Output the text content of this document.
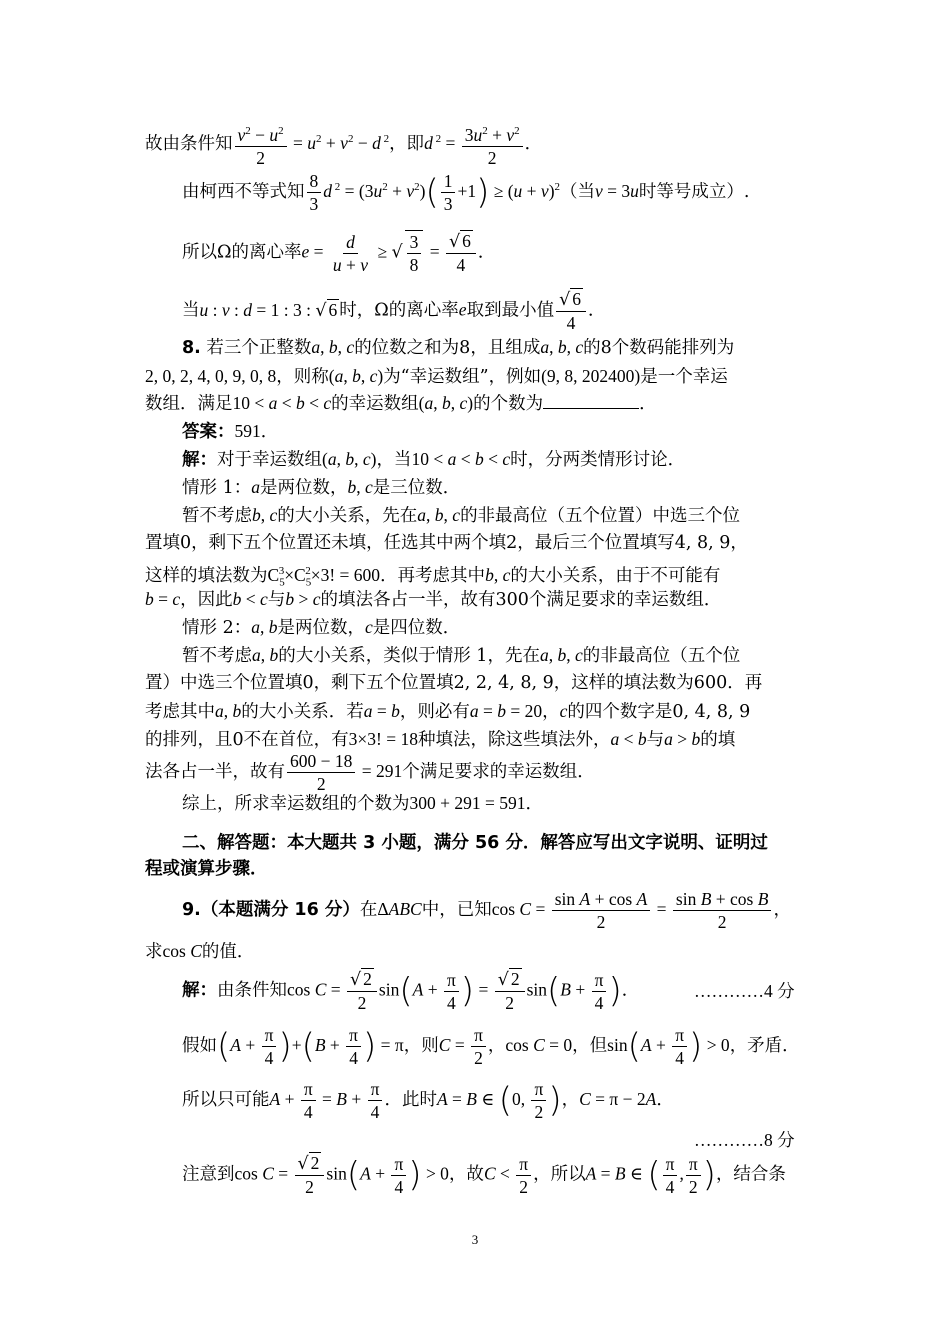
故由条件知 $\frac{v^2 - u^2}{2} = u^2 + v^2 - d$ $^2$，即d $^2 = \frac{3u^2 + v^2}{2}$ ．
由柯西不等式知 $\frac{8}{3}$ d $^2 = (3u^2 + v^2)( \frac{1}{3} +1) \ge (u + v)^2$（当v = 3u时等号成立）.
所以Ω的离心率$e = \frac{d}{u + v}$ ≥ √ $\frac{3}{8} = \frac{√ 6}{4}$ ．
当u : v : d = 1 : 3 : √ 6 时，Ω的离心率e取到最小值 $\frac{√ 6}{4}$ ．
8. 若三个正整数a, b, c的位数之和为8，且组成a, b, c的8个数码能排列为
2, 0, 2, 4, 0, 9, 0, 8，则称(a, b, c)为“幸运数组”，例如(9, 8, 202400)是一个幸运
数组．满足10 < a < b < c的幸运数组(a, b, c)的个数为	．
答案：591．
解：对于幸运数组(a, b, c)，当10 < a < b < c时，分两类情形讨论．
情形 1：a是两位数，b, c是三位数．
暂不考虑b, c的大小关系，先在a, b, c的非最高位（五个位置）中选三个位
置填0，剩下五个位置还未填，任选其中两个填2，最后三个位置填写4, 8, 9，
这样的填法数为$C_5^3\times C_5^2\times 3$! = 600．再考虑其中b, c的大小关系，由于不可能有
b = c，因此b < c与b > c的填法各占一半，故有300个满足要求的幸运数组．
情形 2：a, b是两位数，c是四位数．
暂不考虑a, b的大小关系，类似于情形 1，先在a, b, c的非最高位（五个位
置）中选三个位置填0，剩下五个位置填2, 2, 4, 8, 9，这样的填法数为600．再
考虑其中a, b的大小关系．若a = b，则必有a = b = 20，c的四个数字是0, 4, 8, 9
的排列，且0不在首位，有3×3! = 18种填法，除这些填法外，a < b与a > b的填
法各占一半，故有 $\frac{600 - 18}{2} = 291$个满足要求的幸运数组．
综上，所求幸运数组的个数为300 + 291 = 591．
二、解答题：本大题共 3 小题，满分 56 分．解答应写出文字说明、证明过
程或演算步骤．
9.（本题满分 16 分）在ΔABC中，已知$\cos C = \frac{\text{sin A + cos A}}{2} = \frac{\text{sin B + cos B}}{2}$ ，
求cos C的值．
解：由条件知$\cos C = \frac{√ 2}{2} \sin(A + \frac{\pi}{4}$ ) = $\frac{√ 2}{2} \sin(B + \frac{\pi}{4}$ )．	…………4 分
假如$(A + \frac{\pi}{4} )+(B + \frac{\pi}{4}$ ) = π，则$C = \frac{\pi}{2}$ ，cos C = 0，但$\sin(A + \frac{\pi}{4}$ ) > 0，矛盾．
所以只可能$A + \frac{\pi}{4} = B + \frac{\pi}{4}$ ．此时A = B ∈ (0, $\frac{\pi}{2}$ )，C = π − 2A．
…………8 分
注意到$\cos C = \frac{√ 2}{2} \sin(A + \frac{\pi}{4}$ ) > 0，故$C < \frac{\pi}{2}$ ，所以A = B ∈ ( $\frac{\pi}{4}$ , $\frac{\pi}{2}$ )，结合条
3
